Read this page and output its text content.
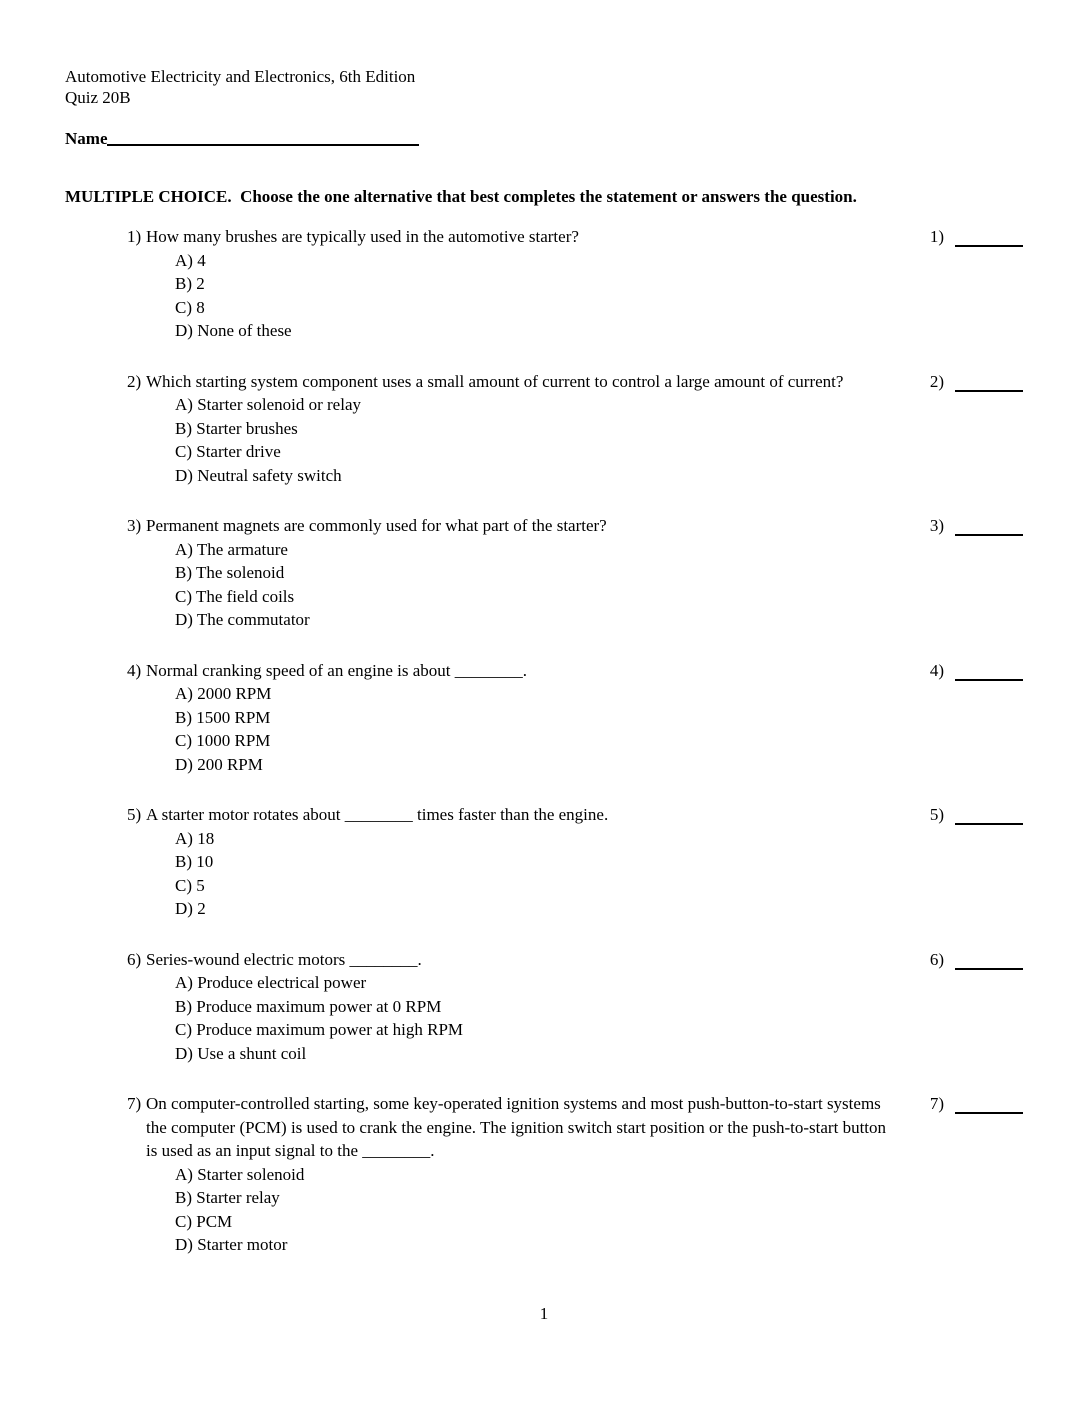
Automotive Electricity and Electronics, 6th Edition
Quiz 20B
Name
MULTIPLE CHOICE.  Choose the one alternative that best completes the statement or answers the question.
1) How many brushes are typically used in the automotive starter?
A) 4
B) 2
C) 8
D) None of these
1)
2) Which starting system component uses a small amount of current to control a large amount of current?
A) Starter solenoid or relay
B) Starter brushes
C) Starter drive
D) Neutral safety switch
2)
3) Permanent magnets are commonly used for what part of the starter?
A) The armature
B) The solenoid
C) The field coils
D) The commutator
3)
4) Normal cranking speed of an engine is about ________.
A) 2000 RPM
B) 1500 RPM
C) 1000 RPM
D) 200 RPM
4)
5) A starter motor rotates about ________ times faster than the engine.
A) 18
B) 10
C) 5
D) 2
5)
6) Series-wound electric motors ________.
A) Produce electrical power
B) Produce maximum power at 0 RPM
C) Produce maximum power at high RPM
D) Use a shunt coil
6)
7) On computer-controlled starting, some key-operated ignition systems and most push-button-to-start systems the computer (PCM) is used to crank the engine. The ignition switch start position or the push-to-start button is used as an input signal to the ________.
A) Starter solenoid
B) Starter relay
C) PCM
D) Starter motor
7)
1
